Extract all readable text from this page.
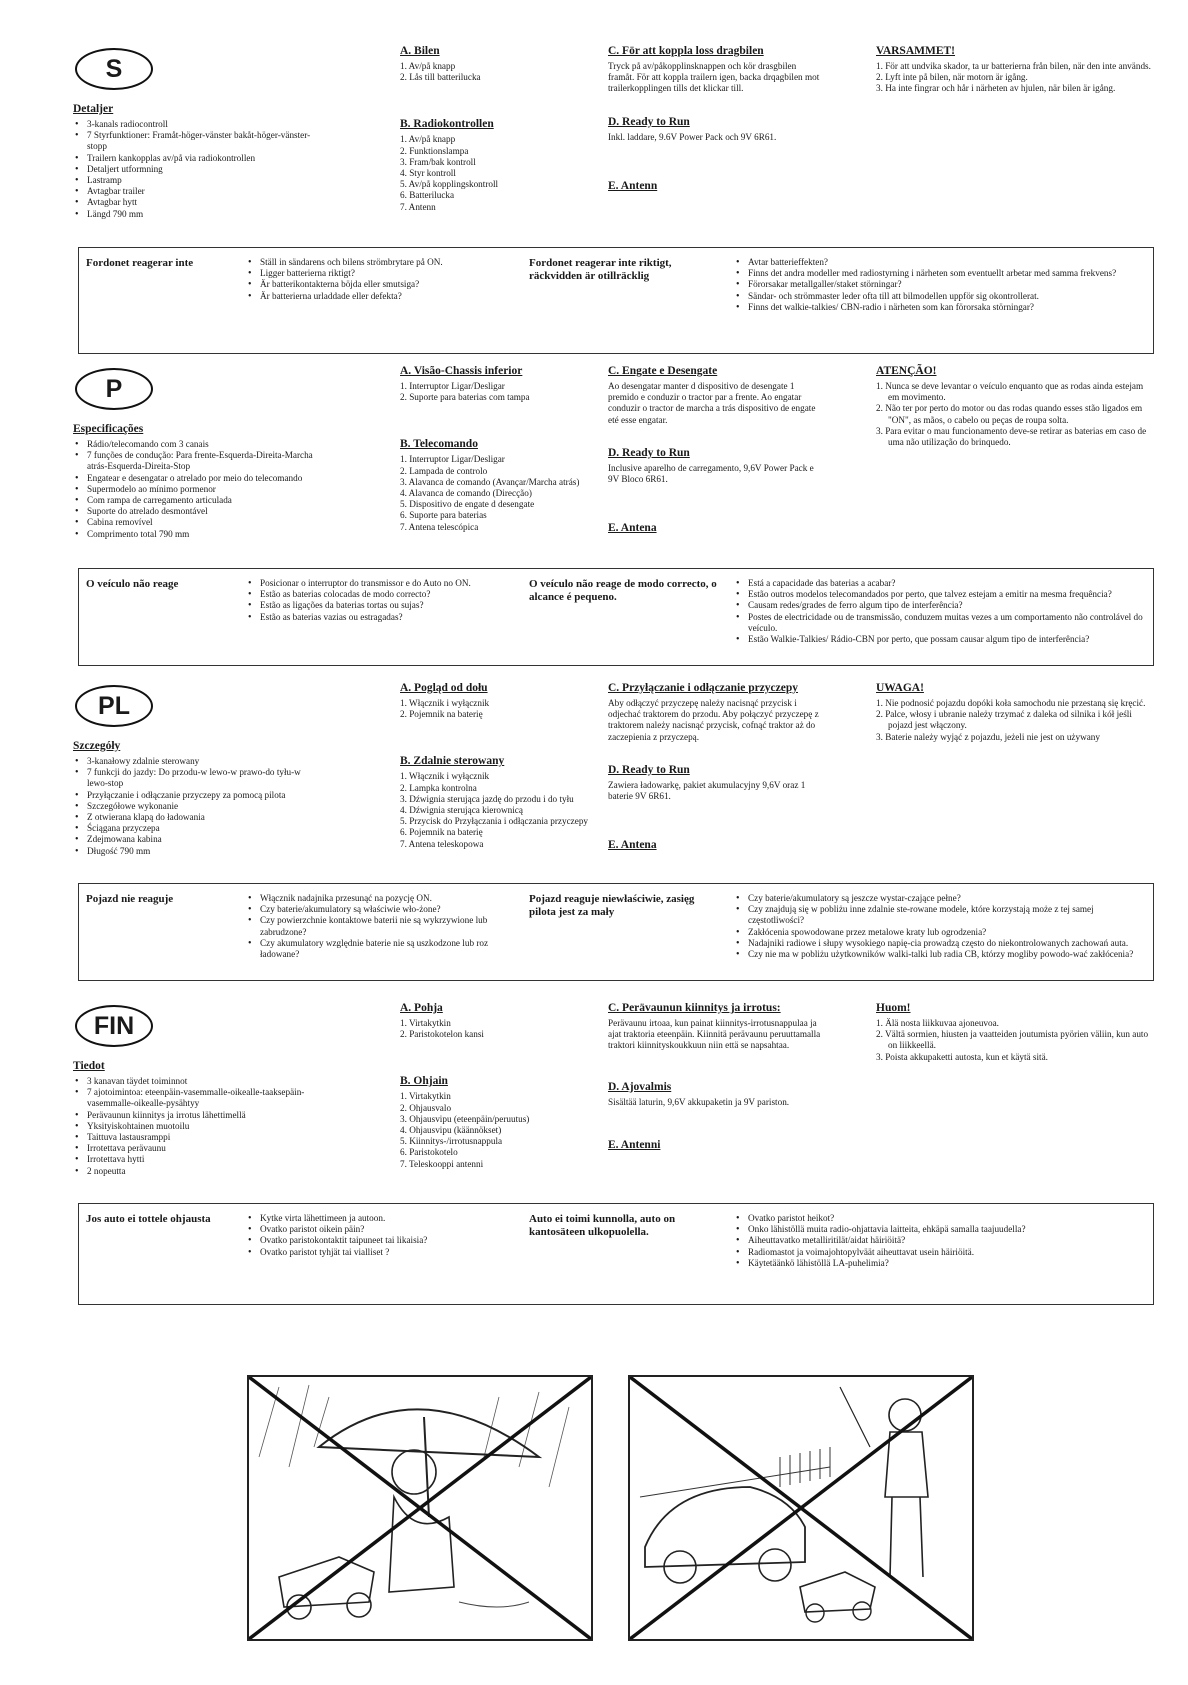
S
Detaljer
• 3-kanals radiocontroll
• 7 Styrfunktioner: Framåt-höger-vänster bakåt-höger-vänster-stopp
• Trailern kankopplas av/på via radiokontrollen
• Detaljert utformning
• Lastramp
• Avtagbar trailer
• Avtagbar hytt
• Längd 790 mm
A. Bilen
1. Av/på knapp
2. Lås till batterilucka
B. Radiokontrollen
1. Av/på knapp
2. Funktionslampa
3. Fram/bak kontroll
4. Styr kontroll
5. Av/på kopplingskontroll
6. Batterilucka
7. Antenn
C. För att koppla loss dragbilen

Tryck på av/påkopplinsknappen och kör drasgbilen framåt. För att koppla trailern igen, backa drqagbilen mot trailerkopplingen tills det klickar till.

D. Ready to Run

Inkl. laddare, 9.6V Power Pack och 9V 6R61.

E. Antenn
VARSAMMET!
1. För att undvika skador, ta ur batterierna från bilen, när den inte används.
2. Lyft inte på bilen, när motorn är igång.
3. Ha inte fingrar och hår i närheten av hjulen, när bilen är igång.
Fordonet reagerar inte	• Ställ in sändarens och bilens strömbrytare på ON.
• Ligger batterierna riktigt?
• Är batterikontakterna böjda eller smutsiga?
• Är batterierna urladdade eller defekta?
Fordonet reagerar inte riktigt, räckvidden är otillräcklig
• Avtar batterieffekten?
• Finns det andra modeller med radiostyrning i närheten som eventuellt arbetar med samma frekvens?
• Förorsakar metallgaller/staket störningar?
• Sändar- och strömmaster leder ofta till att bilmodellen uppför sig okontrollerat.
• Finns det walkie-talkies/ CBN-radio i närheten som kan förorsaka störningar?
P
Especificações
• Rádio/telecomando com 3 canais
• 7 funções de condução: Para frente-Esquerda-Direita-Marcha atrás-Esquerda-Direita-Stop
• Engatear e desengatar o atrelado por meio do telecomando
• Supermodelo ao mínimo pormenor
• Com rampa de carregamento articulada
• Suporte do atrelado desmontável
• Cabina removível
• Comprimento total 790 mm
A. Visão-Chassis inferior
1. Interruptor Ligar/Desligar
2. Suporte para baterias com tampa
B. Telecomando
1. Interruptor Ligar/Desligar
2. Lampada de controlo
3. Alavanca de comando (Avançar/Marcha atrás)
4. Alavanca de comando (Direcção)
5. Dispositivo de engate d desengate
6. Suporte para baterias
7. Antena telescópica
C. Engate e Desengate

Ao desengatar manter d dispositivo de desengate 1 premido e conduzir o tractor par a frente. Ao engatar conduzir o tractor de marcha a trás dispositivo de engate eté esse engatar.

D. Ready to Run

Inclusive aparelho de carregamento, 9,6V Power Pack e 9V Bloco 6R61.

E. Antena
ATENÇÃO!
1. Nunca se deve levantar o veículo enquanto que as rodas ainda estejam em movimento.
2. Não ter por perto do motor ou das rodas quando esses stão ligados em "ON", as mãos, o cabelo ou peças de roupa solta.
3. Para evitar o mau funcionamento deve-se retirar as baterias em caso de uma não utilização do brinquedo.
O veículo não reage	• Posicionar o interruptor do transmissor e do Auto no ON.
• Estão as baterias colocadas de modo correcto?
• Estão as ligações da baterias tortas ou sujas?
• Estão as baterias vazias ou estragadas?
O veículo não reage de modo correcto, o alcance é pequeno.
• Está a capacidade das baterias a acabar?
• Estão outros modelos telecomandados por perto, que talvez estejam a emitir na mesma frequência?
• Causam redes/grades de ferro algum tipo de interferência?
• Postes de electricidade ou de transmissão, conduzem muitas vezes a um comportamento não controlável do veículo.
• Estão Walkie-Talkies/ Rádio-CBN por perto, que possam causar algum tipo de interferência?
PL
Szczegóły
• 3-kanałowy zdalnie sterowany
• 7 funkcji do jazdy: Do przodu-w lewo-w prawo-do tyłu-w lewo-stop
• Przyłączanie i odłączanie przyczepy za pomocą pilota
• Szczegółowe wykonanie
• Z otwierana klapą do ładowania
• Ściągana przyczepa
• Zdejmowana kabina
• Długość 790 mm
A. Pogląd od dołu
1. Włącznik i wyłącznik
2. Pojemnik na baterię
B. Zdalnie sterowany
1. Włącznik i wyłącznik
2. Lampka kontrolna
3. Dźwignia sterująca jazdę do przodu i do tyłu
4. Dźwignia sterująca kierownicą
5. Przycisk do Przyłączania i odłączania przyczepy
6. Pojemnik na baterię
7. Antena teleskopowa
C. Przyłączanie i odłączanie przyczepy

Aby odłączyć przyczepę należy nacisnąć przycisk i odjechać traktorem do przodu. Aby połączyć przyczepę z traktorem należy nacisnąć przycisk, cofnąć traktor aż do zaczepienia z przyczepą.

D. Ready to Run

Zawiera ładowarkę, pakiet akumulacyjny 9,6V oraz 1 baterie 9V 6R61.

E. Antena
UWAGA!
1. Nie podnosić pojazdu dopóki koła samochodu nie przestaną się kręcić.
2. Palce, włosy i ubranie należy trzymać z daleka od silnika i kół jeśli pojazd jest włączony.
3. Baterie należy wyjąć z pojazdu, jeżeli nie jest on używany
Pojazd nie reaguje	• Włącznik nadajnika przesunąć na pozycję ON.
• Czy baterie/akumulatory są właściwie wło-żone?
• Czy powierzchnie kontaktowe baterii nie są wykrzywione lub zabrudzone?
• Czy akumulatory względnie baterie nie są uszkodzone lub roz ładowane?
Pojazd reaguje niewłaściwie, zasięg pilota jest za mały
• Czy baterie/akumulatory są jeszcze wystar-czające pełne?
• Czy znajdują się w pobliżu inne zdalnie ste-rowane modele, które korzystają może z tej samej częstotliwości?
• Zakłócenia spowodowane przez metalowe kraty lub ogrodzenia?
• Nadajniki radiowe i słupy wysokiego napię-cia prowadzą często do niekontrolowanych zachowań auta.
• Czy nie ma w pobliżu użytkowników walki-talki lub radia CB, którzy mogliby powodo-wać zakłócenia?
FIN
Tiedot
• 3 kanavan täydet toiminnot
• 7 ajotoimintoa: eteenpäin-vasemmalle-oikealle-taaksepäin-vasemmalle-oikealle-pysähtyy
• Perävaunun kiinnitys ja irrotus lähettimellä
• Yksityiskohtainen muotoilu
• Taittuva lastausramppi
• Irrotettava perävaunu
• Irrotettava hytti
• 2 nopeutta
A. Pohja
1. Virtakytkin
2. Paristokotelon kansi
B. Ohjain
1. Virtakytkin
2. Ohjausvalo
3. Ohjausvipu (eteenpäin/peruutus)
4. Ohjausvipu (käännökset)
5. Kiinnitys-/irrotusnappula
6. Paristokotelo
7. Teleskooppi antenni
C. Perävaunun kiinnitys ja irrotus:

Perävaunu irtoaa, kun painat kiinnitys-irrotusnappulaa ja ajat traktoria eteenpäin. Kiinnitä perävaunu peruuttamalla traktori kiinnityskoukkuun niin että se napsahtaa.

D. Ajovalmis

Sisältää laturin, 9,6V akkupaketin ja 9V pariston.

E. Antenni
Huom!
1. Älä nosta liikkuvaa ajoneuvoa.
2. Vältä sormien, hiusten ja vaatteiden joutumista pyörien väliin, kun auto on liikkeellä.
3. Poista akkupaketti autosta, kun et käytä sitä.
Jos auto ei tottele ohjausta	• Kytke virta lähettimeen ja autoon.
• Ovatko paristot oikein päin?
• Ovatko paristokontaktit taipuneet tai likaisia?
• Ovatko paristot tyhjät tai vialliset ?
Auto ei toimi kunnolla, auto on kantosäteen ulkopuolella.
• Ovatko paristot heikot?
• Onko lähistöllä muita radio-ohjattavia laitteita, ehkäpä samalla taajuudella?
• Aiheuttavatko metalliritilät/aidat häiriöitä?
• Radiomastot ja voimajohtopylväät aiheuttavat usein häiriöitä.
• Käytetäänkö lähistöllä LA-puhelimia?
